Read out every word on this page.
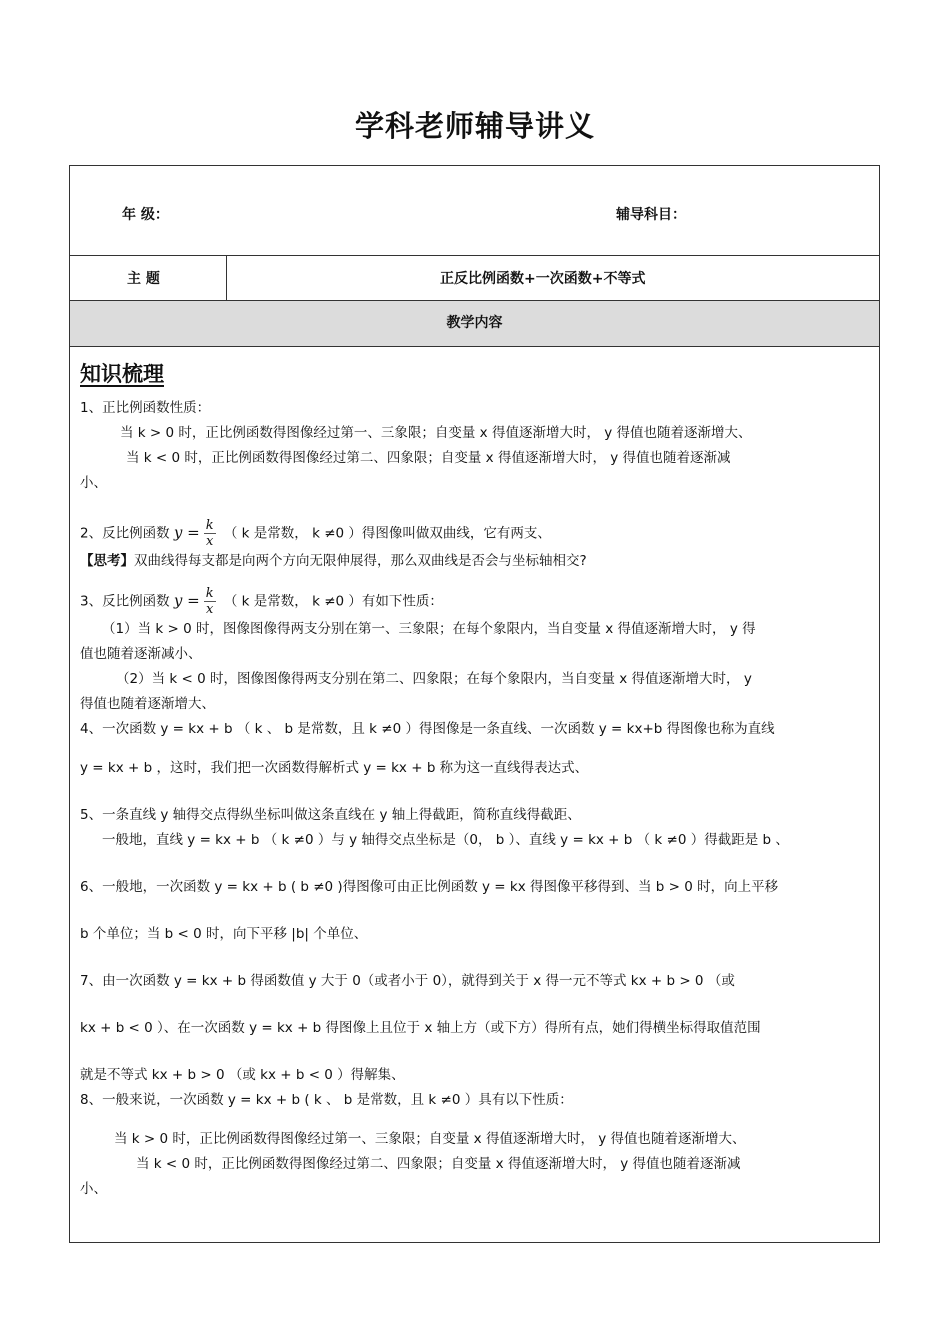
学科老师辅导讲义
年 级：	辅导科目：
主 题	正反比例函数+一次函数+不等式
教学内容
知识梳理

1、正比例函数性质：

当 k > 0 时，正比例函数得图像经过第一、三象限；自变量 x 得值逐渐增大时， y 得值也随着逐渐增大、

当 k < 0 时，正比例函数得图像经过第二、四象限；自变量 x 得值逐渐增大时， y 得值也随着逐渐减

小、

2、反比例函数 $y = \frac{k}{x}$ （ k 是常数， k ≠0 ）得图像叫做双曲线，它有两支、

【思考】双曲线得每支都是向两个方向无限伸展得，那么双曲线是否会与坐标轴相交?

3、反比例函数 $y = \frac{k}{x}$ （ k 是常数， k ≠0 ）有如下性质：

（1）当 k > 0 时，图像图像得两支分别在第一、三象限；在每个象限内，当自变量 x 得值逐渐增大时， y 得

值也随着逐渐减小、

（2）当 k < 0 时，图像图像得两支分别在第二、四象限；在每个象限内，当自变量 x 得值逐渐增大时， y

得值也随着逐渐增大、

4、一次函数 y = kx + b （ k 、 b 是常数，且 k ≠0 ）得图像是一条直线、一次函数 y = kx+b 得图像也称为直线

y = kx + b ，这时，我们把一次函数得解析式 y = kx + b 称为这一直线得表达式、

5、一条直线 y 轴得交点得纵坐标叫做这条直线在 y 轴上得截距，简称直线得截距、

一般地，直线 y = kx + b （ k ≠0 ）与 y 轴得交点坐标是（0， b ）、直线 y = kx + b （ k ≠0 ）得截距是 b 、

6、一般地，一次函数 y = kx + b ( b ≠0 )得图像可由正比例函数 y = kx 得图像平移得到、当 b > 0 时，向上平移

b 个单位；当 b < 0 时，向下平移 |b| 个单位、

7、由一次函数 y = kx + b 得函数值 y 大于 0（或者小于 0），就得到关于 x 得一元不等式 kx + b > 0 （或

kx + b < 0 ）、在一次函数 y = kx + b 得图像上且位于 x 轴上方（或下方）得所有点，她们得横坐标得取值范围

就是不等式 kx + b > 0 （或 kx + b < 0 ）得解集、

8、一般来说，一次函数 y = kx + b ( k 、 b 是常数，且 k ≠0 ）具有以下性质：

当 k > 0 时，正比例函数得图像经过第一、三象限；自变量 x 得值逐渐增大时， y 得值也随着逐渐增大、

当 k < 0 时，正比例函数得图像经过第二、四象限；自变量 x 得值逐渐增大时， y 得值也随着逐渐减

小、
